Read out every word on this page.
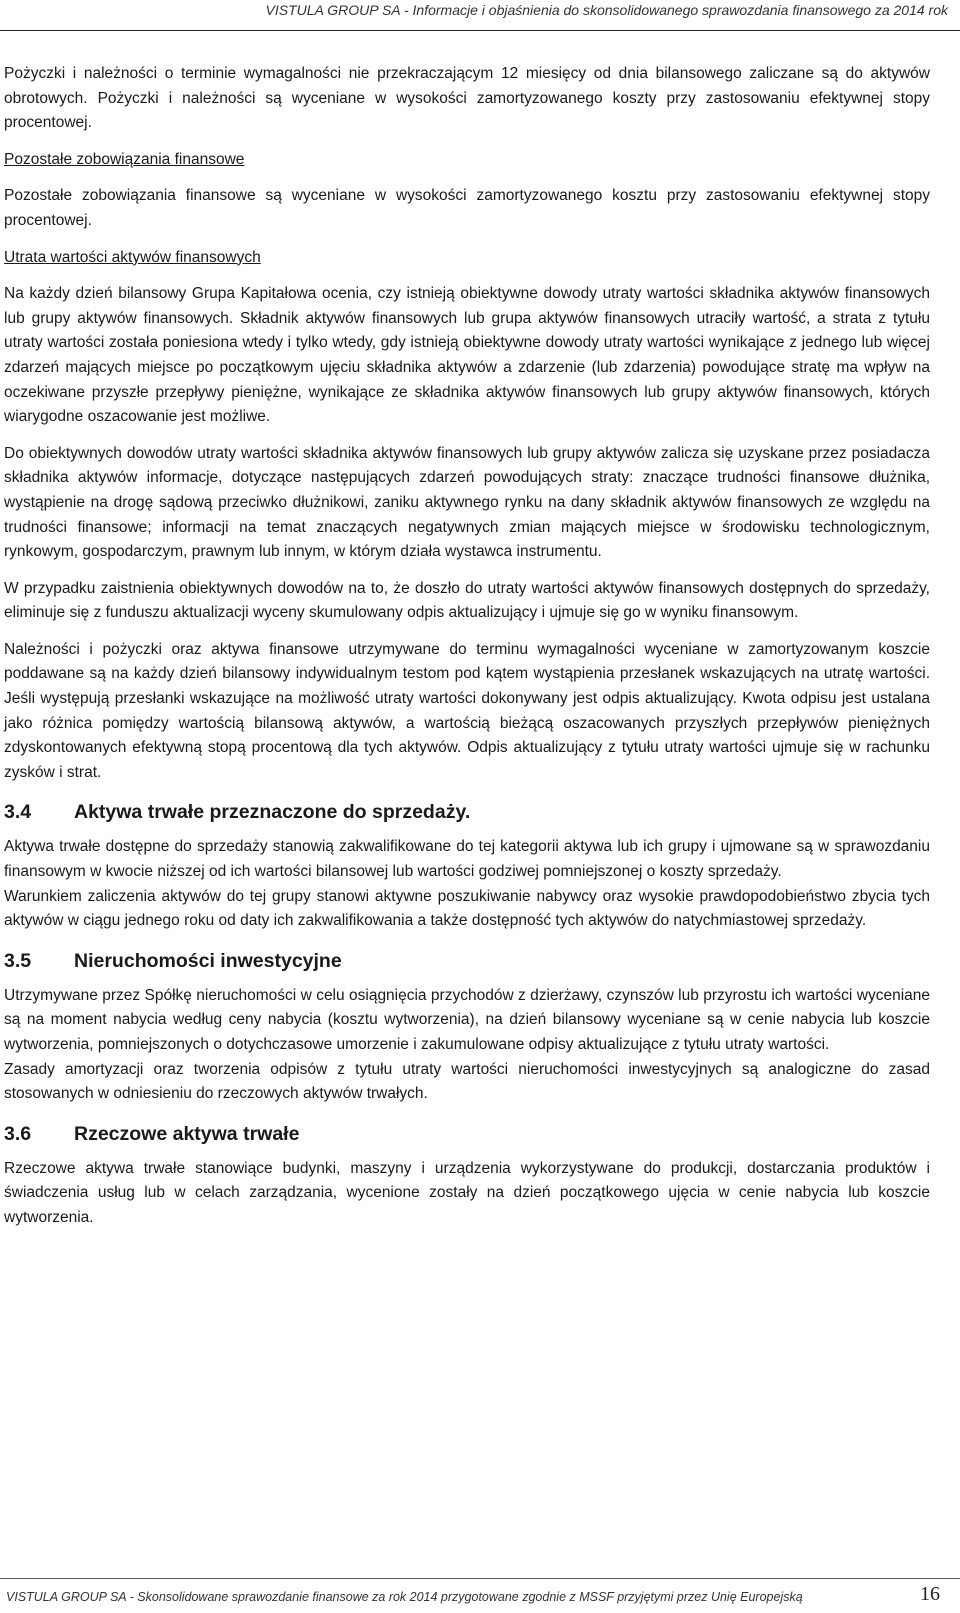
VISTULA GROUP SA - Informacje i objaśnienia do skonsolidowanego sprawozdania finansowego za 2014 rok

Pożyczki i należności o terminie wymagalności nie przekraczającym 12 miesięcy od dnia bilansowego zaliczane są do aktywów obrotowych. Pożyczki i należności są wyceniane w wysokości zamortyzowanego koszty przy zastosowaniu efektywnej stopy procentowej.

Pozostałe zobowiązania finansowe

Pozostałe zobowiązania finansowe są wyceniane w wysokości zamortyzowanego kosztu przy zastosowaniu efektywnej stopy procentowej.

Utrata wartości aktywów finansowych

Na każdy dzień bilansowy Grupa Kapitałowa ocenia, czy istnieją obiektywne dowody utraty wartości składnika aktywów finansowych lub grupy aktywów finansowych. Składnik aktywów finansowych lub grupa aktywów finansowych utraciły wartość, a strata z tytułu utraty wartości została poniesiona wtedy i tylko wtedy, gdy istnieją obiektywne dowody utraty wartości wynikające z jednego lub więcej zdarzeń mających miejsce po początkowym ujęciu składnika aktywów a zdarzenie (lub zdarzenia) powodujące stratę ma wpływ na oczekiwane przyszłe przepływy pieniężne, wynikające ze składnika aktywów finansowych lub grupy aktywów finansowych, których wiarygodne oszacowanie jest możliwe.

Do obiektywnych dowodów utraty wartości składnika aktywów finansowych lub grupy aktywów zalicza się uzyskane przez posiadacza składnika aktywów informacje, dotyczące następujących zdarzeń powodujących straty: znaczące trudności finansowe dłużnika, wystąpienie na drogę sądową przeciwko dłużnikowi, zaniku aktywnego rynku na dany składnik aktywów finansowych ze względu na trudności finansowe; informacji na temat znaczących negatywnych zmian mających miejsce w środowisku technologicznym, rynkowym, gospodarczym, prawnym lub innym, w którym działa wystawca instrumentu.

W przypadku zaistnienia obiektywnych dowodów na to, że doszło do utraty wartości aktywów finansowych dostępnych do sprzedaży, eliminuje się z funduszu aktualizacji wyceny skumulowany odpis aktualizujący i ujmuje się go w wyniku finansowym.

Należności i pożyczki oraz aktywa finansowe utrzymywane do terminu wymagalności wyceniane w zamortyzowanym koszcie poddawane są na każdy dzień bilansowy indywidualnym testom pod kątem wystąpienia przesłanek wskazujących na utratę wartości. Jeśli występują przesłanki wskazujące na możliwość utraty wartości dokonywany jest odpis aktualizujący. Kwota odpisu jest ustalana jako różnica pomiędzy wartością bilansową aktywów, a wartością bieżącą oszacowanych przyszłych przepływów pieniężnych zdyskontowanych efektywną stopą procentową dla tych aktywów. Odpis aktualizujący z tytułu utraty wartości ujmuje się w rachunku zysków i strat.

3.4 Aktywa trwałe przeznaczone do sprzedaży.

Aktywa trwałe dostępne do sprzedaży stanowią zakwalifikowane do tej kategorii aktywa lub ich grupy i ujmowane są w sprawozdaniu finansowym w kwocie niższej od ich wartości bilansowej lub wartości godziwej pomniejszonej o koszty sprzedaży.

Warunkiem zaliczenia aktywów do tej grupy stanowi aktywne poszukiwanie nabywcy oraz wysokie prawdopodobieństwo zbycia tych aktywów w ciągu jednego roku od daty ich zakwalifikowania a także dostępność tych aktywów do natychmiastowej sprzedaży.

3.5 Nieruchomości inwestycyjne

Utrzymywane przez Spółkę nieruchomości w celu osiągnięcia przychodów z dzierżawy, czynszów lub przyrostu ich wartości wyceniane są na moment nabycia według ceny nabycia (kosztu wytworzenia), na dzień bilansowy wyceniane są w cenie nabycia lub koszcie wytworzenia, pomniejszonych o dotychczasowe umorzenie i zakumulowane odpisy aktualizujące z tytułu utraty wartości.

Zasady amortyzacji oraz tworzenia odpisów z tytułu utraty wartości nieruchomości inwestycyjnych są analogiczne do zasad stosowanych w odniesieniu do rzeczowych aktywów trwałych.

3.6 Rzeczowe aktywa trwałe

Rzeczowe aktywa trwałe stanowiące budynki, maszyny i urządzenia wykorzystywane do produkcji, dostarczania produktów i świadczenia usług lub w celach zarządzania, wycenione zostały na dzień początkowego ujęcia w cenie nabycia lub koszcie wytworzenia.

VISTULA GROUP SA - Skonsolidowane sprawozdanie finansowe za rok 2014 przygotowane zgodnie z MSSF przyjętymi przez Unię Europejską	16
